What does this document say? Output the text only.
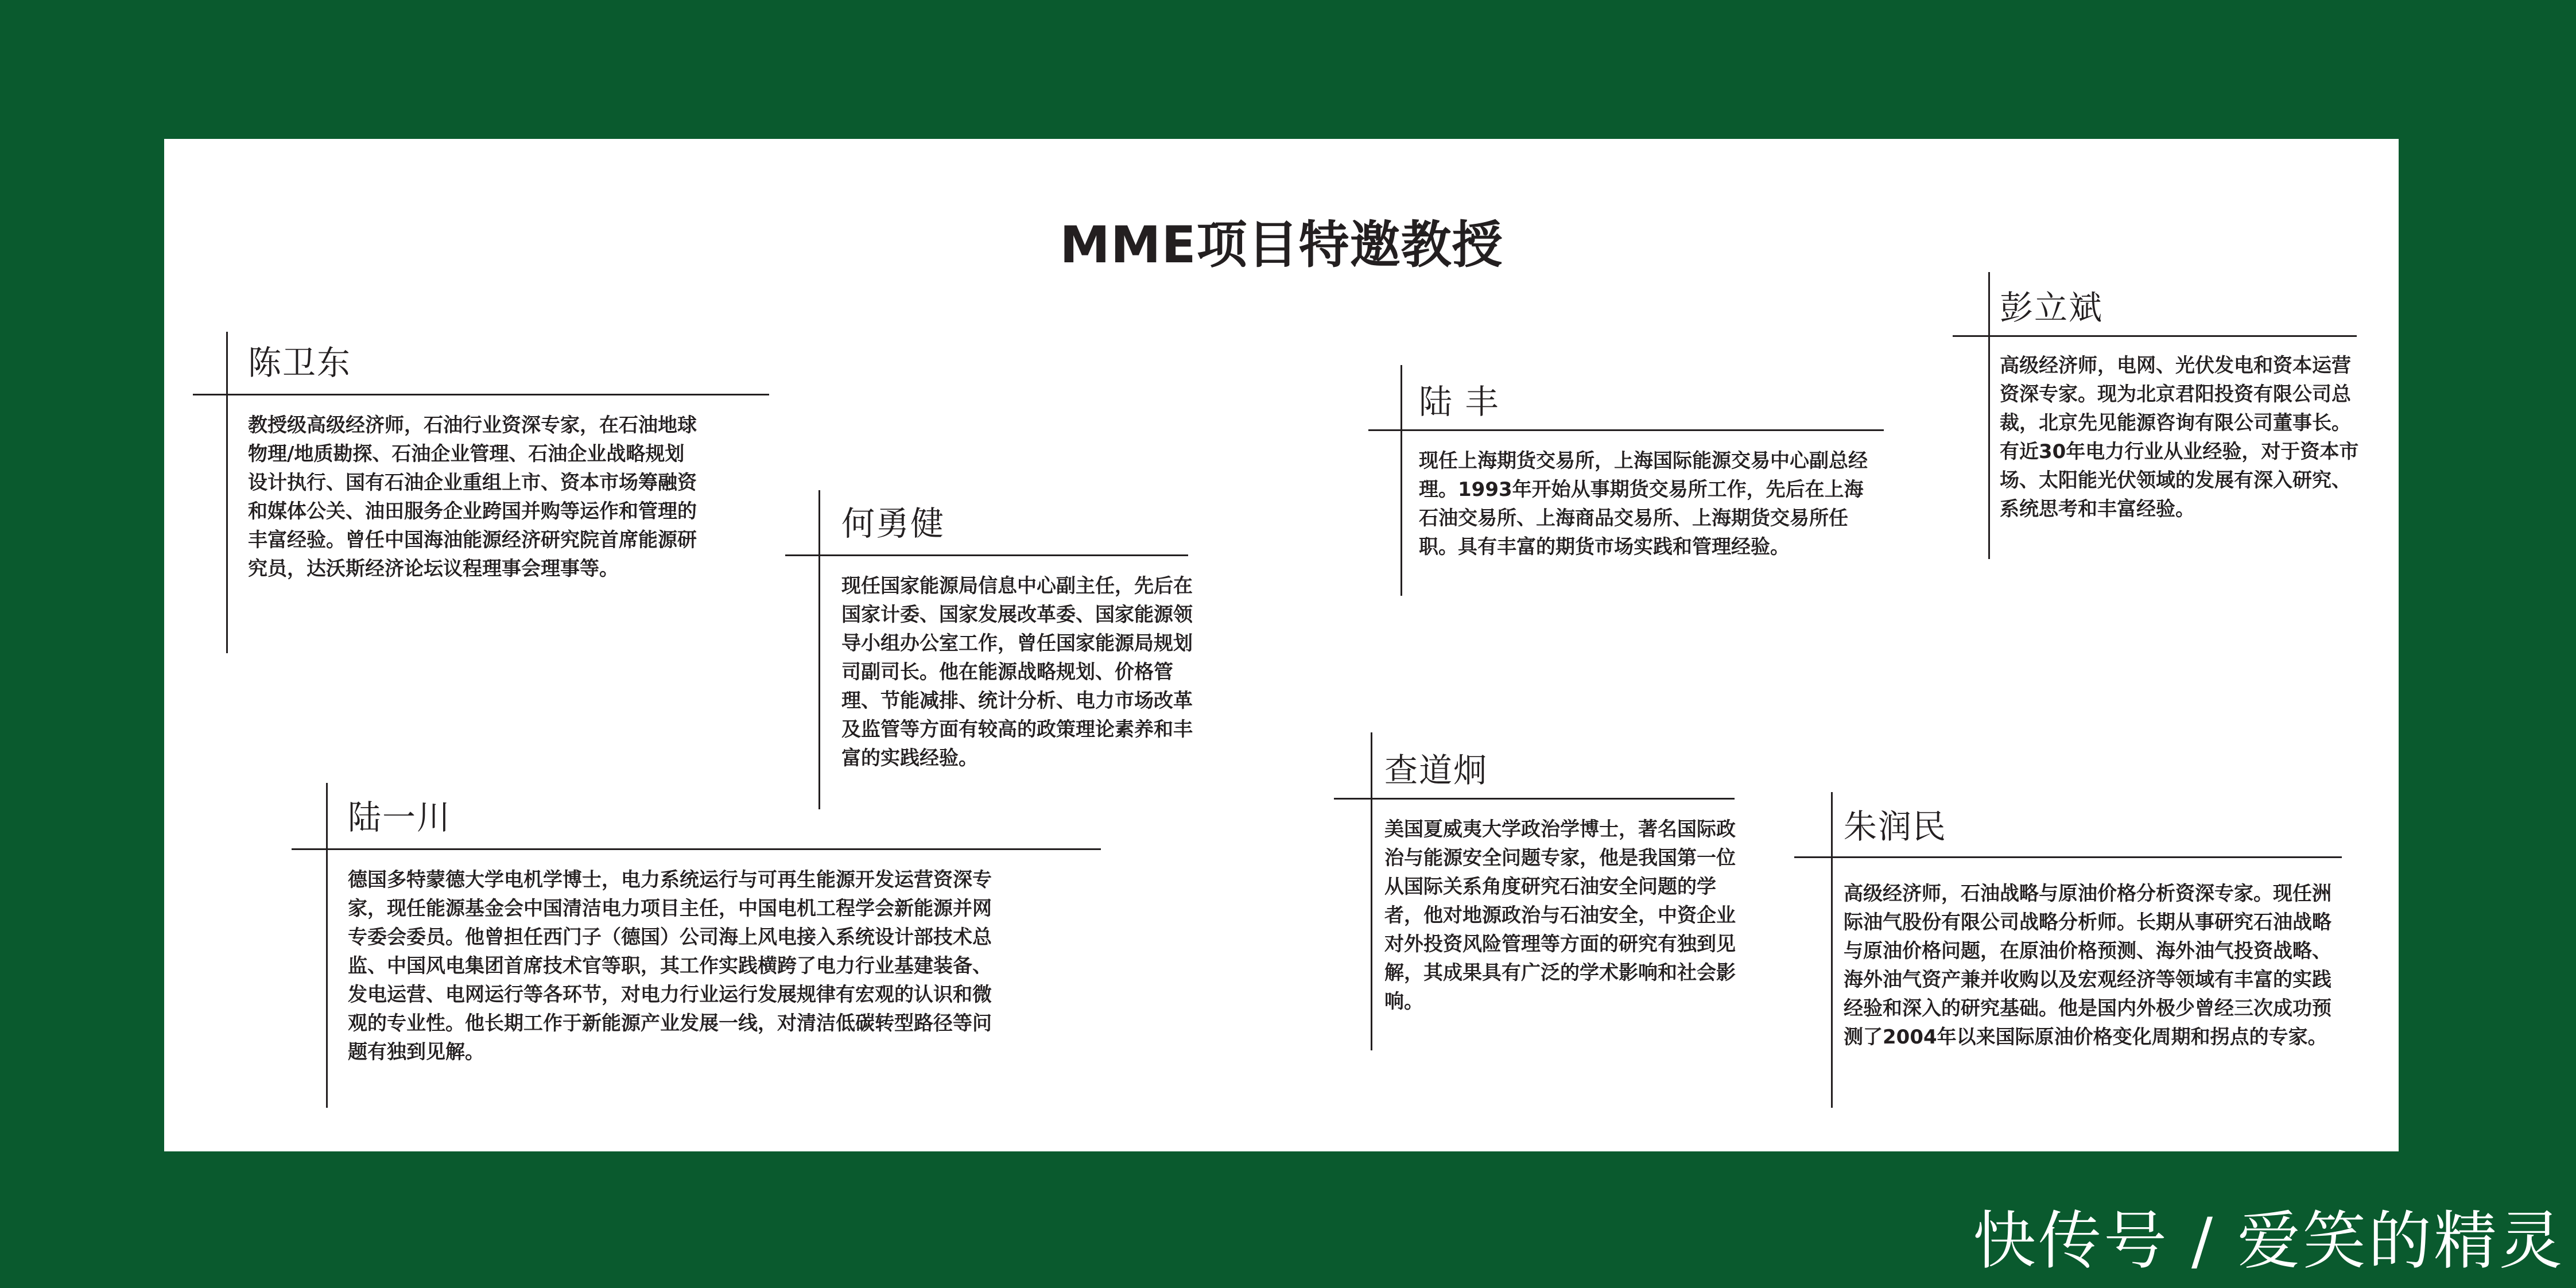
MME项目特邀教授
陈卫东

教授级高级经济师，石油行业资深专家，在石油地球物理/地质勘探、石油企业管理、石油企业战略规划设计执行、国有石油企业重组上市、资本市场筹融资和媒体公关、油田服务企业跨国并购等运作和管理的丰富经验。曾任中国海油能源经济研究院首席能源研究员，达沃斯经济论坛议程理事会理事等。

何勇健

现任国家能源局信息中心副主任，先后在国家计委、国家发展改革委、国家能源领导小组办公室工作，曾任国家能源局规划司副司长。他在能源战略规划、价格管理、节能减排、统计分析、电力市场改革及监管等方面有较高的政策理论素养和丰富的实践经验。

陆 丰

现任上海期货交易所，上海国际能源交易中心副总经理。1993年开始从事期货交易所工作，先后在上海石油交易所、上海商品交易所、上海期货交易所任职。具有丰富的期货市场实践和管理经验。

彭立斌

高级经济师，电网、光伏发电和资本运营资深专家。现为北京君阳投资有限公司总裁，北京先见能源咨询有限公司董事长。有近30年电力行业从业经验，对于资本市场、太阳能光伏领域的发展有深入研究、系统思考和丰富经验。

陆一川

德国多特蒙德大学电机学博士，电力系统运行与可再生能源开发运营资深专家，现任能源基金会中国清洁电力项目主任，中国电机工程学会新能源并网专委会委员。他曾担任西门子（德国）公司海上风电接入系统设计部技术总监、中国风电集团首席技术官等职，其工作实践横跨了电力行业基建装备、发电运营、电网运行等各环节，对电力行业运行发展规律有宏观的认识和微观的专业性。他长期工作于新能源产业发展一线，对清洁低碳转型路径等问题有独到见解。

查道炯

美国夏威夷大学政治学博士，著名国际政治与能源安全问题专家，他是我国第一位从国际关系角度研究石油安全问题的学者，他对地源政治与石油安全，中资企业对外投资风险管理等方面的研究有独到见解，其成果具有广泛的学术影响和社会影响。

朱润民

高级经济师，石油战略与原油价格分析资深专家。现任洲际油气股份有限公司战略分析师。长期从事研究石油战略与原油价格问题，在原油价格预测、海外油气投资战略、海外油气资产兼并收购以及宏观经济等领域有丰富的实践经验和深入的研究基础。他是国内外极少曾经三次成功预测了2004年以来国际原油价格变化周期和拐点的专家。

快传号 / 爱笑的精灵
